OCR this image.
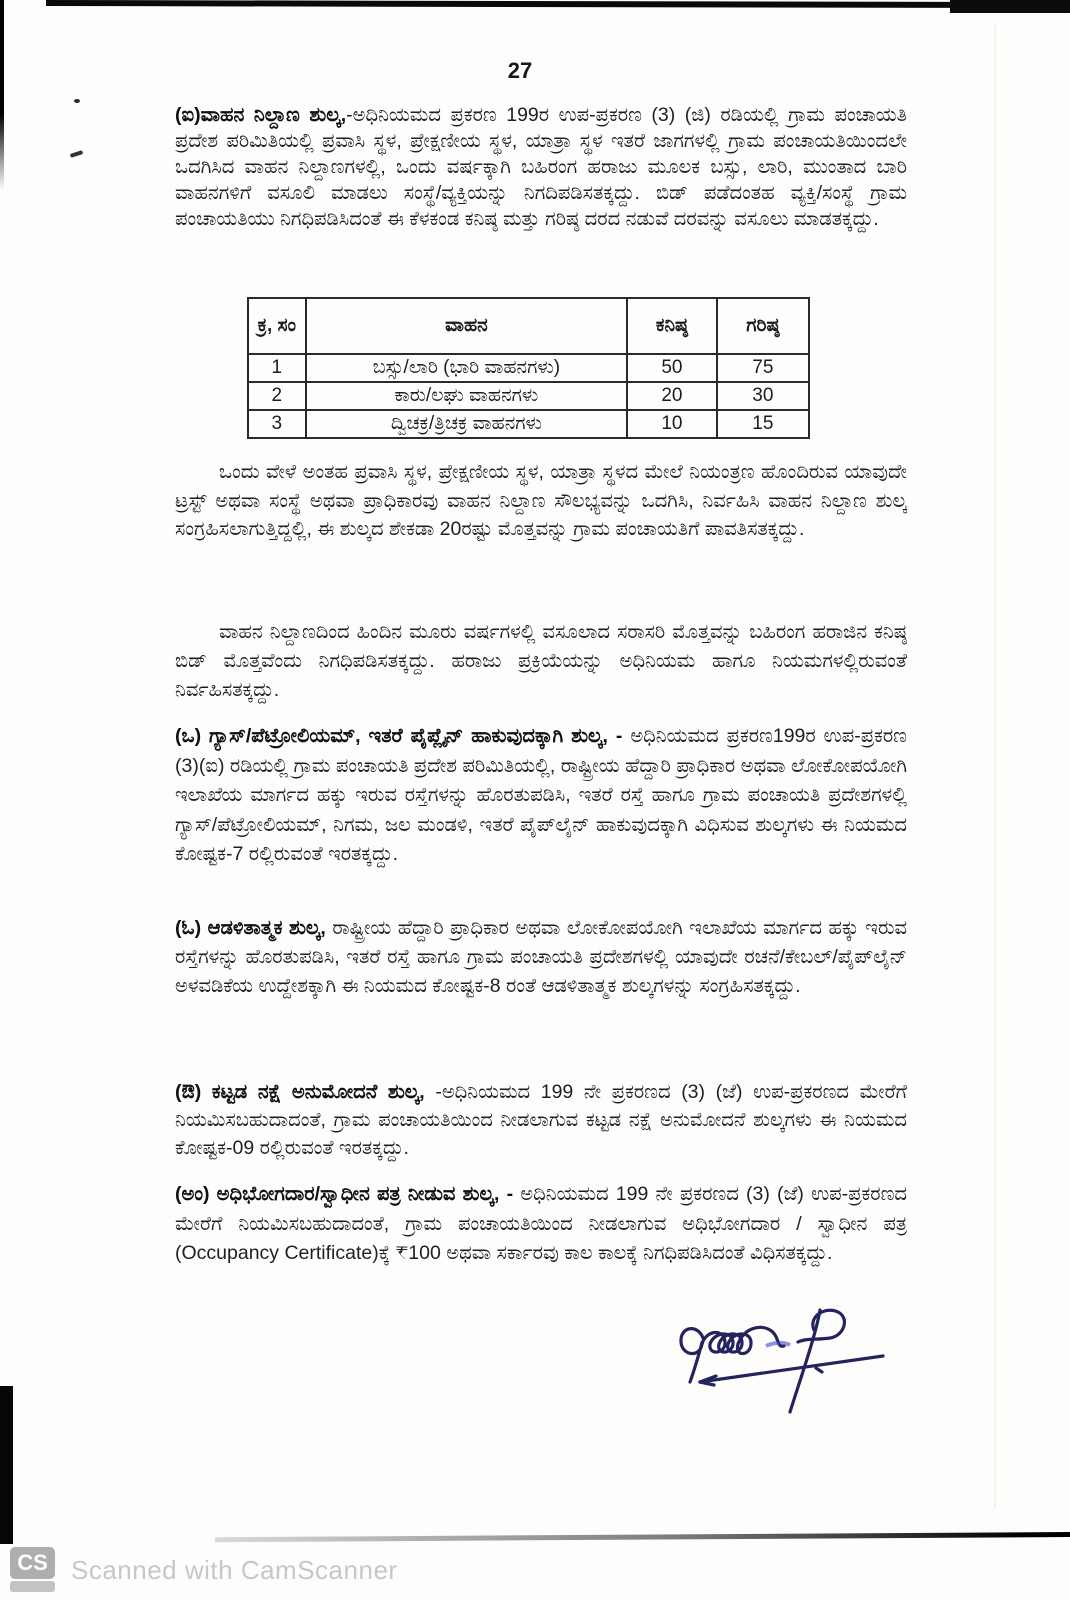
27
(ಐ)ವಾಹನ ನಿಲ್ದಾಣ ಶುಲ್ಕ,-ಅಧಿನಿಯಮದ ಪ್ರಕರಣ 199ರ ಉಪ-ಪ್ರಕರಣ (3) (ಜಿ) ರಡಿಯಲ್ಲಿ ಗ್ರಾಮ ಪಂಚಾಯತಿ ಪ್ರದೇಶ ಪರಿಮಿತಿಯಲ್ಲಿ ಪ್ರವಾಸಿ ಸ್ಥಳ, ಪ್ರೇಕ್ಷಣೀಯ ಸ್ಥಳ, ಯಾತ್ರಾ ಸ್ಥಳ ಇತರೆ ಜಾಗಗಳಲ್ಲಿ ಗ್ರಾಮ ಪಂಚಾಯತಿಯಿಂದಲೇ ಒದಗಿಸಿದ ವಾಹನ ನಿಲ್ದಾಣಗಳಲ್ಲಿ, ಒಂದು ವರ್ಷಕ್ಕಾಗಿ ಬಹಿರಂಗ ಹರಾಜು ಮೂಲಕ ಬಸ್ಸು, ಲಾರಿ, ಮುಂತಾದ ಬಾರಿ ವಾಹನಗಳಿಗೆ ವಸೂಲಿ ಮಾಡಲು ಸಂಸ್ಥೆ/ವ್ಯಕ್ತಿಯನ್ನು ನಿಗದಿಪಡಿಸತಕ್ಕದ್ದು. ಬಿಡ್ ಪಡೆದಂತಹ ವ್ಯಕ್ತಿ/ಸಂಸ್ಥೆ ಗ್ರಾಮ ಪಂಚಾಯತಿಯು ನಿಗಧಿಪಡಿಸಿದಂತೆ ಈ ಕೆಳಕಂಡ ಕನಿಷ್ಠ ಮತ್ತು ಗರಿಷ್ಠ ದರದ ನಡುವೆ ದರವನ್ನು ವಸೂಲು ಮಾಡತಕ್ಕದ್ದು.
ಕ್ರ, ಸಂ	ವಾಹನ	ಕನಿಷ್ಠ	ಗರಿಷ್ಠ
1	ಬಸ್ಸು/ಲಾರಿ (ಭಾರಿ ವಾಹನಗಳು)	50	75
2	ಕಾರು/ಲಘು ವಾಹನಗಳು	20	30
3	ದ್ವಿಚಕ್ರ/ತ್ರಿಚಕ್ರ ವಾಹನಗಳು	10	15
ಒಂದು ವೇಳೆ ಅಂತಹ ಪ್ರವಾಸಿ ಸ್ಥಳ, ಪ್ರೇಕ್ಷಣೀಯ ಸ್ಥಳ, ಯಾತ್ರಾ ಸ್ಥಳದ ಮೇಲೆ ನಿಯಂತ್ರಣ ಹೊಂದಿರುವ ಯಾವುದೇ ಟ್ರಸ್ಟ್ ಅಥವಾ ಸಂಸ್ಥೆ ಅಥವಾ ಪ್ರಾಧಿಕಾರವು ವಾಹನ ನಿಲ್ದಾಣ ಸೌಲಭ್ಯವನ್ನು ಒದಗಿಸಿ, ನಿರ್ವಹಿಸಿ ವಾಹನ ನಿಲ್ದಾಣ ಶುಲ್ಕ ಸಂಗ್ರಹಿಸಲಾಗುತ್ತಿದ್ದಲ್ಲಿ, ಈ ಶುಲ್ಕದ ಶೇಕಡಾ 20ರಷ್ಟು ಮೊತ್ತವನ್ನು ಗ್ರಾಮ ಪಂಚಾಯತಿಗೆ ಪಾವತಿಸತಕ್ಕದ್ದು.
ವಾಹನ ನಿಲ್ದಾಣದಿಂದ ಹಿಂದಿನ ಮೂರು ವರ್ಷಗಳಲ್ಲಿ ವಸೂಲಾದ ಸರಾಸರಿ ಮೊತ್ತವನ್ನು ಬಹಿರಂಗ ಹರಾಜಿನ ಕನಿಷ್ಠ ಬಿಡ್ ಮೊತ್ತವೆಂದು ನಿಗಧಿಪಡಿಸತಕ್ಕದ್ದು. ಹರಾಜು ಪ್ರಕ್ರಿಯೆಯನ್ನು ಅಧಿನಿಯಮ ಹಾಗೂ ನಿಯಮಗಳಲ್ಲಿರುವಂತೆ ನಿರ್ವಹಿಸತಕ್ಕದ್ದು.
(ಒ) ಗ್ಯಾಸ್/ಪೆಟ್ರೋಲಿಯಮ್, ಇತರೆ ಪೈಪ್ಲೈನ್ ಹಾಕುವುದಕ್ಕಾಗಿ ಶುಲ್ಕ, - ಅಧಿನಿಯಮದ ಪ್ರಕರಣ199ರ ಉಪ-ಪ್ರಕರಣ (3)(ಐ) ರಡಿಯಲ್ಲಿ ಗ್ರಾಮ ಪಂಚಾಯತಿ ಪ್ರದೇಶ ಪರಿಮಿತಿಯಲ್ಲಿ, ರಾಷ್ಟ್ರೀಯ ಹೆದ್ದಾರಿ ಪ್ರಾಧಿಕಾರ ಅಥವಾ ಲೋಕೋಪಯೋಗಿ ಇಲಾಖೆಯ ಮಾರ್ಗದ ಹಕ್ಕು ಇರುವ ರಸ್ತೆಗಳನ್ನು ಹೊರತುಪಡಿಸಿ, ಇತರೆ ರಸ್ತೆ ಹಾಗೂ ಗ್ರಾಮ ಪಂಚಾಯತಿ ಪ್ರದೇಶಗಳಲ್ಲಿ ಗ್ಯಾಸ್/ಪೆಟ್ರೋಲಿಯಮ್, ನಿಗಮ, ಜಲ ಮಂಡಳಿ, ಇತರೆ ಪೈಪ್‌ಲೈನ್ ಹಾಕುವುದಕ್ಕಾಗಿ ವಿಧಿಸುವ ಶುಲ್ಕಗಳು ಈ ನಿಯಮದ ಕೋಷ್ಟಕ-7 ರಲ್ಲಿರುವಂತೆ ಇರತಕ್ಕದ್ದು.
(ಓ) ಆಡಳಿತಾತ್ಮಕ ಶುಲ್ಕ, ರಾಷ್ಟ್ರೀಯ ಹೆದ್ದಾರಿ ಪ್ರಾಧಿಕಾರ ಅಥವಾ ಲೋಕೋಪಯೋಗಿ ಇಲಾಖೆಯ ಮಾರ್ಗದ ಹಕ್ಕು ಇರುವ ರಸ್ತೆಗಳನ್ನು ಹೊರತುಪಡಿಸಿ, ಇತರೆ ರಸ್ತೆ ಹಾಗೂ ಗ್ರಾಮ ಪಂಚಾಯತಿ ಪ್ರದೇಶಗಳಲ್ಲಿ ಯಾವುದೇ ರಚನೆ/ಕೇಬಲ್/ಪೈಪ್‌ಲೈನ್ ಅಳವಡಿಕೆಯ ಉದ್ದೇಶಕ್ಕಾಗಿ ಈ ನಿಯಮದ ಕೋಷ್ಟಕ-8 ರಂತೆ ಆಡಳಿತಾತ್ಮಕ ಶುಲ್ಕಗಳನ್ನು ಸಂಗ್ರಹಿಸತಕ್ಕದ್ದು.
(ಔ) ಕಟ್ಟಡ ನಕ್ಷೆ ಅನುಮೋದನೆ ಶುಲ್ಕ, -ಅಧಿನಿಯಮದ 199 ನೇ ಪ್ರಕರಣದ (3) (ಜೆ) ಉಪ-ಪ್ರಕರಣದ ಮೇರೆಗೆ ನಿಯಮಿಸಬಹುದಾದಂತೆ, ಗ್ರಾಮ ಪಂಚಾಯತಿಯಿಂದ ನೀಡಲಾಗುವ ಕಟ್ಟಡ ನಕ್ಷೆ ಅನುಮೋದನೆ ಶುಲ್ಕಗಳು ಈ ನಿಯಮದ ಕೋಷ್ಟಕ-09 ರಲ್ಲಿರುವಂತೆ ಇರತಕ್ಕದ್ದು.
(ಅಂ) ಅಧಿಭೋಗದಾರ/ಸ್ವಾಧೀನ ಪತ್ರ ನೀಡುವ ಶುಲ್ಕ, - ಅಧಿನಿಯಮದ 199 ನೇ ಪ್ರಕರಣದ (3) (ಜೆ) ಉಪ-ಪ್ರಕರಣದ ಮೇರೆಗೆ ನಿಯಮಿಸಬಹುದಾದಂತೆ, ಗ್ರಾಮ ಪಂಚಾಯತಿಯಿಂದ ನೀಡಲಾಗುವ ಅಧಿಭೋಗದಾರ / ಸ್ವಾಧೀನ ಪತ್ರ (Occupancy Certificate)ಕ್ಕೆ ₹100 ಅಥವಾ ಸರ್ಕಾರವು ಕಾಲ ಕಾಲಕ್ಕೆ ನಿಗಧಿಪಡಿಸಿದಂತೆ ವಿಧಿಸತಕ್ಕದ್ದು.
CS Scanned with CamScanner
